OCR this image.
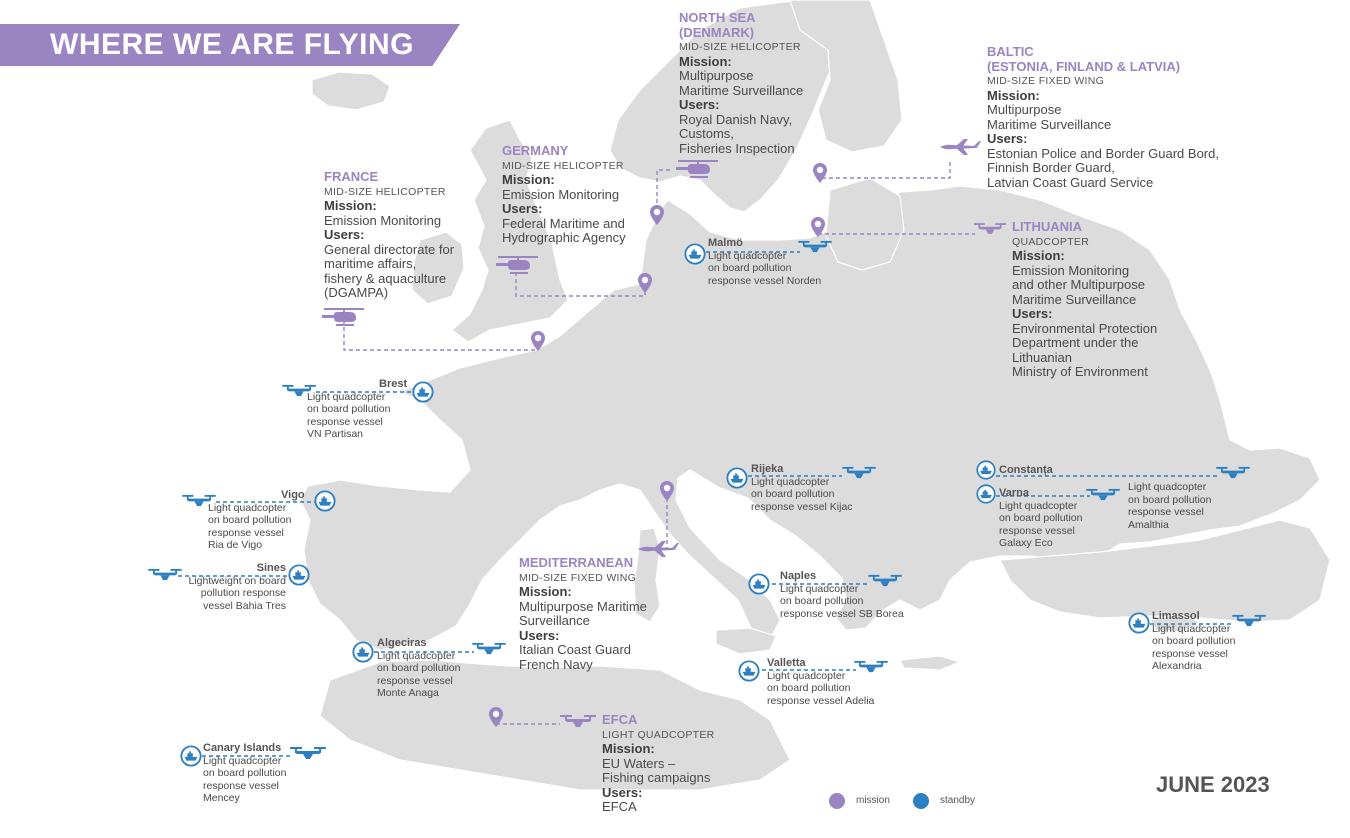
WHERE WE ARE FLYING
NORTH SEA
(DENMARK)
MID-SIZE HELICOPTER
Mission:
Multipurpose
Maritime Surveillance
Users:
Royal Danish Navy,
Customs,
Fisheries Inspection
BALTIC
(ESTONIA, FINLAND & LATVIA)
MID-SIZE FIXED WING
Mission:
Multipurpose
Maritime Surveillance
Users:
Estonian Police and Border Guard Bord,
Finnish Border Guard,
Latvian Coast Guard Service
GERMANY
MID-SIZE HELICOPTER
Mission:
Emission Monitoring
Users:
Federal Maritime and
Hydrographic Agency
FRANCE
MID-SIZE HELICOPTER
Mission:
Emission Monitoring
Users:
General directorate for
maritime affairs,
fishery & aquaculture
(DGAMPA)
LITHUANIA
QUADCOPTER
Mission:
Emission Monitoring
and other Multipurpose
Maritime Surveillance
Users:
Environmental Protection
Department under the
Lithuanian
Ministry of Environment
MEDITERRANEAN
MID-SIZE FIXED WING
Mission:
Multipurpose Maritime
Surveillance
Users:
Italian Coast Guard
French Navy
EFCA
LIGHT QUADCOPTER
Mission:
EU Waters –
Fishing campaigns
Users:
EFCA
Malmö
Light quadcopter
on board pollution
response vessel Norden
Brest
Light quadcopter
on board pollution
response vessel
VN Partisan
Vigo
Light quadcopter
on board pollution
response vessel
Ria de Vigo
Sines
Lightweight on board
pollution response
vessel Bahia Tres
Algeciras
Light quadcopter
on board pollution
response vessel
Monte Anaga
Canary Islands
Light quadcopter
on board pollution
response vessel
Mencey
Rijeka
Light quadcopter
on board pollution
response vessel Kijac
Naples
Light quadcopter
on board pollution
response vessel SB Borea
Valletta
Light quadcopter
on board pollution
response vessel Adelia
Constanța
Light quadcopter
on board pollution
response vessel
Amalthia
Varna
Light quadcopter
on board pollution
response vessel
Galaxy Eco
Limassol
Light quadcopter
on board pollution
response vessel
Alexandria
mission	standby
JUNE 2023
